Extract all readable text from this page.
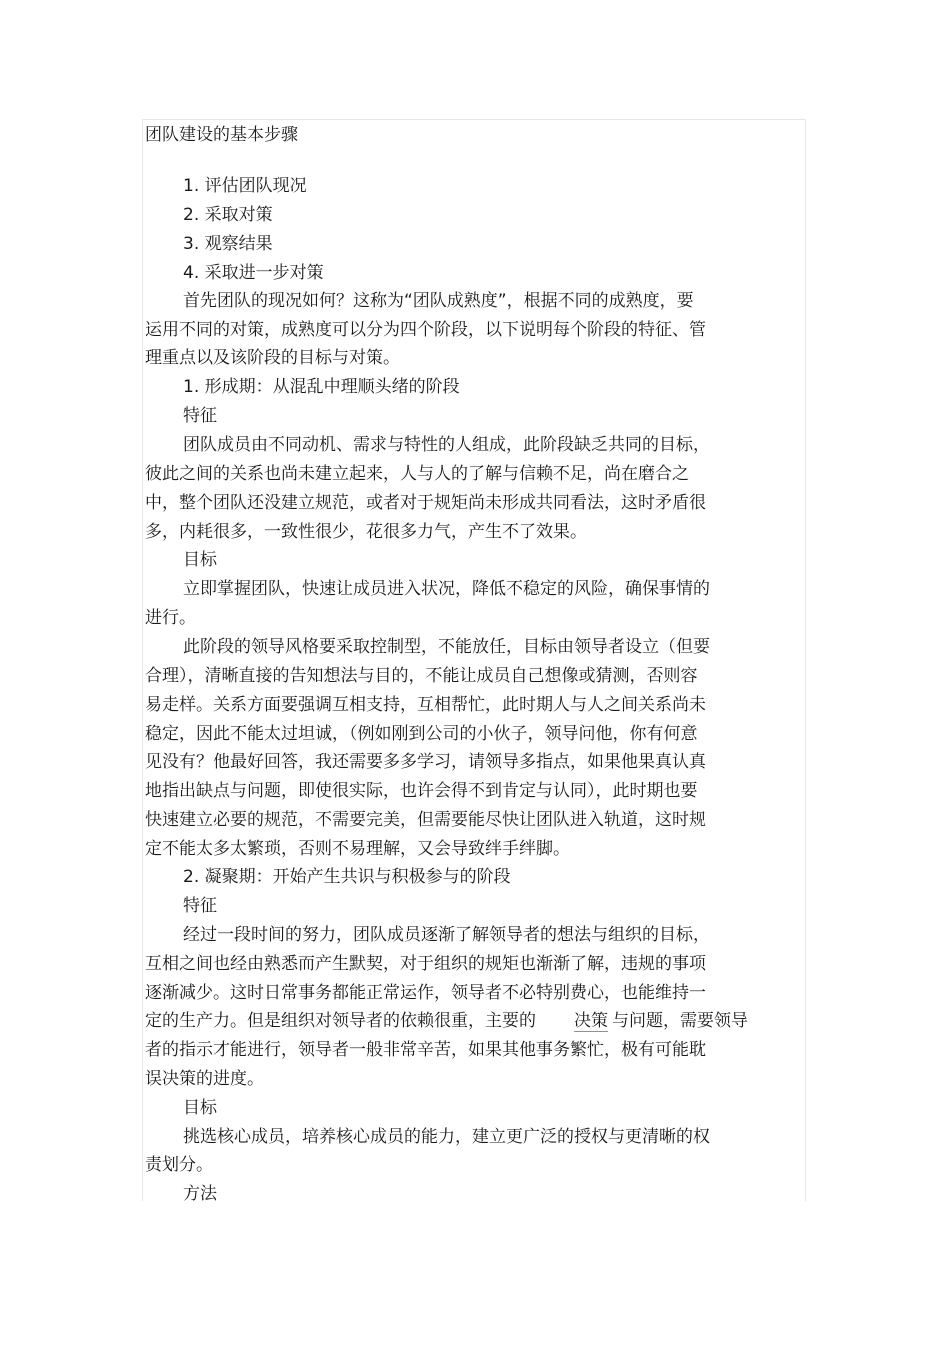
团队建设的基本步骤
1. 评估团队现况
2. 采取对策
3. 观察结果
4. 采取进一步对策
首先团队的现况如何？这称为“团队成熟度”，根据不同的成熟度，要
运用不同的对策，成熟度可以分为四个阶段，以下说明每个阶段的特征、管
理重点以及该阶段的目标与对策。
1. 形成期：从混乱中理顺头绪的阶段
特征
团队成员由不同动机、需求与特性的人组成，此阶段缺乏共同的目标，
彼此之间的关系也尚未建立起来，人与人的了解与信赖不足，尚在磨合之
中，整个团队还没建立规范，或者对于规矩尚未形成共同看法，这时矛盾很
多，内耗很多，一致性很少，花很多力气，产生不了效果。
目标
立即掌握团队，快速让成员进入状况，降低不稳定的风险，确保事情的
进行。
此阶段的领导风格要采取控制型，不能放任，目标由领导者设立（但要
合理），清晰直接的告知想法与目的，不能让成员自己想像或猜测，否则容
易走样。关系方面要强调互相支持，互相帮忙，此时期人与人之间关系尚未
稳定，因此不能太过坦诚，（例如刚到公司的小伙子，领导问他，你有何意
见没有？他最好回答，我还需要多多学习，请领导多指点，如果他果真认真
地指出缺点与问题，即使很实际，也许会得不到肯定与认同），此时期也要
快速建立必要的规范，不需要完美，但需要能尽快让团队进入轨道，这时规
定不能太多太繁琐，否则不易理解，又会导致绊手绊脚。
2. 凝聚期：开始产生共识与积极参与的阶段
特征
经过一段时间的努力，团队成员逐渐了解领导者的想法与组织的目标，
互相之间也经由熟悉而产生默契，对于组织的规矩也渐渐了解，违规的事项
逐渐减少。这时日常事务都能正常运作，领导者不必特别费心，也能维持一
定的生产力。但是组织对领导者的依赖很重，主要的 决策 与问题，需要领导
者的指示才能进行，领导者一般非常辛苦，如果其他事务繁忙，极有可能耽
误决策的进度。
目标
挑选核心成员，培养核心成员的能力，建立更广泛的授权与更清晰的权
责划分。
方法
